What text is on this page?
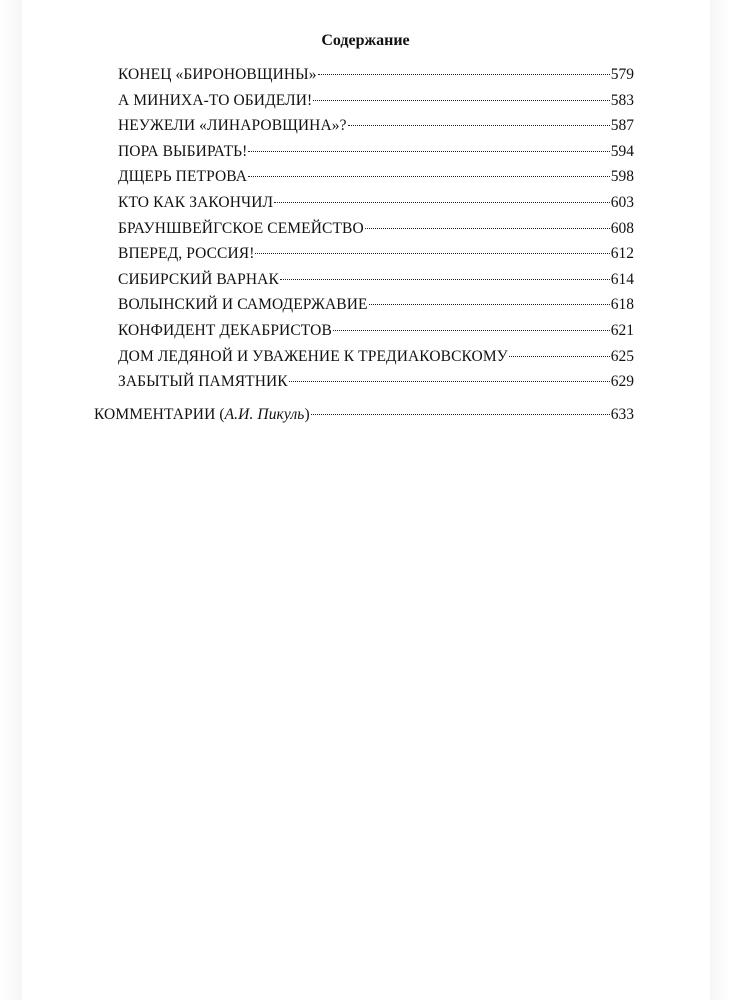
Содержание
КОНЕЦ «БИРОНОВЩИНЫ»	579
А МИНИХА-ТО ОБИДЕЛИ!	583
НЕУЖЕЛИ «ЛИНАРОВЩИНА»?	587
ПОРА ВЫБИРАТЬ!	594
ДЩЕРЬ ПЕТРОВА	598
КТО КАК ЗАКОНЧИЛ	603
БРАУНШВЕЙГСКОЕ СЕМЕЙСТВО	608
ВПЕРЕД, РОССИЯ!	612
СИБИРСКИЙ ВАРНАК	614
ВОЛЫНСКИЙ И САМОДЕРЖАВИЕ	618
КОНФИДЕНТ ДЕКАБРИСТОВ	621
ДОМ ЛЕДЯНОЙ И УВАЖЕНИЕ К ТРЕДИАКОВСКОМУ	625
ЗАБЫТЫЙ ПАМЯТНИК	629
КОММЕНТАРИИ (А.И. Пикуль)	633
